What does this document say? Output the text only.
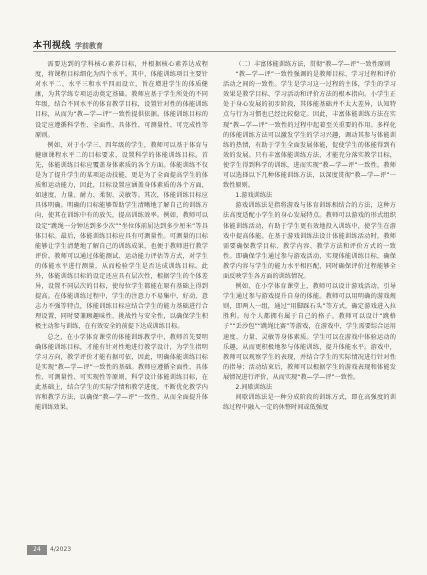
本刊视线 学前教育

需要达到的学科核心素养目标，并根据核心素养达成程度，将课程目标细化为四个水平。其中，体能训练项目主要针对水平二、水平三和水平四而设立，旨在增进学生的体质健康，为其学练专项运动奠定基础。教师应基于学生所处的不同年级，结合不同水平的体育教学目标，设置针对性的体能训练目标，从而为“教—学—评”一致性提供依据。体能训练目标的设定应遵循科学性、全面性、具体性、可测量性、可完成性等原则。

例如，对于小学三、四年级的学生，教师可以基于体育与健康课程水平二的目标要求，设置科学的体能训练目标。首先，体能训练目标应覆盖身体素质的各个方面。体能训练不仅是为了提升学生的某项运动技能，更是为了全面提高学生的体质和运动能力，因此，目标设置应涵盖身体素质的各个方面，如速度、力量、耐力、柔韧、灵敏等。其次，体能训练目标应具体明确。明确的目标能够帮助学生清晰地了解自己的训练方向，使其在训练中有的放矢，提高训练效率。例如，教师可以设定“跳绳一分钟达到多少次”“坐位体前屈达到多少厘米”等具体目标。最后，体能训练目标应具有可测量性。可测量的目标能够让学生清楚地了解自己的训练成果，也便于教师进行教学评价。教师可以通过体能测试、运动能力评估等方式，对学生的体能水平进行测量，从而检验学生是否达成训练目标。此外，体能训练目标的设定还应具有层次性，根据学生的个体差异，设置不同层次的目标，使每位学生都能在原有基础上得到提高。在体能训练过程中，学生的注意力不易集中，好动、意志力不强等特点，体能训练目标应结合学生的能力基础进行合理设置，同时要兼顾趣味性、挑战性与安全性，以确保学生积极主动参与训练，在有效安全的前提下达成训练目标。

总之，在小学体育课堂的体能训练教学中，教师首先要明确体能训练目标，才能有针对性地进行教学设计，为学生指明学习方向，教学评价才能有据可依，因此，明确体能训练目标是实现“教—学—评”一致性的基础。教师应遵循全面性、具体性、可测量性、可实现性等原则，科学设计体能训练目标，在此基础上，结合学生的实际学情和教学进度，不断优化教学内容和教学方法，以确保“教—学—评”一致性，从而全面提升体能训练效果。

（二）丰富体能训练方法，贯彻“教—学—评”一致性原则

“教—学—评”一致性强调的是教师目标、学习过程和评价活动之间的一致性。学生是学习这一过程的主体，学生的学习效果是教学目标、学习活动和评价方法的根本指向。小学生正处于身心发展的初步阶段，其体能基础并不太大差异，认知特点与行为习惯也已经比较稳定。因此，丰富体能训练方法在实现“教—学—评”一致性的过程中起着至关重要的作用。多样化的体能训练方法可以激发学生的学习兴趣，调动其参与体能训练的热情，有助于学生全面发展体能，促使学生的体能得到有效的发展。只有丰富体能训练方法，才能充分落实教学目标，使学生得到科学的训练，进而实现“教—学—评”一致性。教师可以选择以下几种体能训练方法，以深度贯彻“教—学—评”一致性原则。

1.游戏训练法

游戏训练法是指将游戏与体育训练相结合的方法，这种方法高度适配小学生的身心发展特点。教师可以游戏的形式组织体能训练活动，有助于学生更有效地投入训练中，使学生在游戏中提高体能。在基于游戏训练法设计体能训练活动时，教师需要确保教学目标、教学内容、教学方法和评价方式的一致性。即确保学生通过参与游戏活动，实现体能训练目标，确保教学内容与学生的能力水平相匹配，同时确保评价过程能够全面反映学生各方面的训练情况。

例如，在小学体育课堂上，教师可以设计游戏活动，引导学生通过参与游戏提升自身的体能。教师可以用明确的游戏规则，即两人一组，通过“用脚踩石头”等方式，确定游戏进入拉胜利。每个人都拥有属于自己的格子。教师可以设计“跳格子”“丢沙包”“跳绳比赛”等游戏，在游戏中，学生需要综合运用速度、力量、灵敏等身体素质。学生可以在游戏中体验运动的乐趣，从而更积极地参与体能训练，提升体能水平。游戏中，教师可以观察学生的表现，并结合学生的实际情况进行针对性的指导；活动结束后，教师可以根据学生的游戏表现和体能发展情况进行评价，从而实现“教—学—评”一致性。

2.间歇训练法

间歇训练法是一种分成阶段的训练方式，即在高强度的训练过程中融入一定的休整时间或低强度

24	4/2023
